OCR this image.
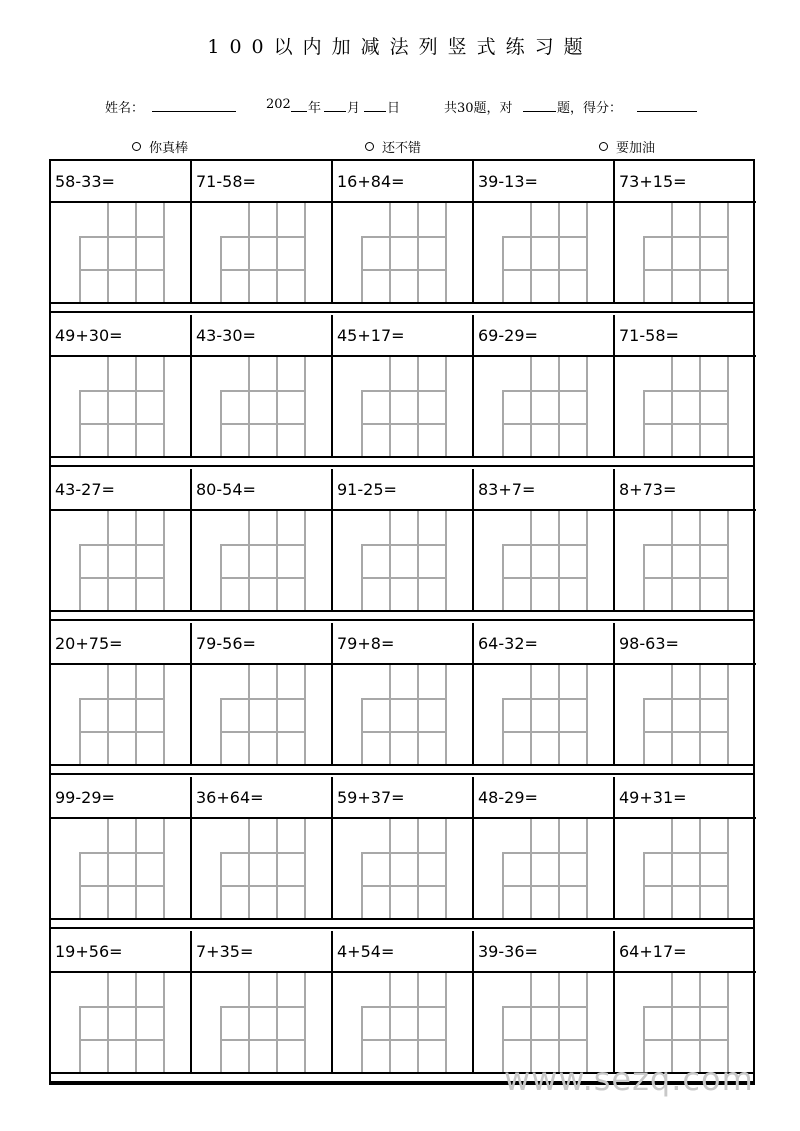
100以内加减法列竖式练习题
姓名：	202 年 月 日	共30题，对	题，得分：
你真棒	还不错	要加油
58-33=	71-58=	16+84=	39-13=	73+15=
49+30=	43-30=	45+17=	69-29=	71-58=
43-27=	80-54=	91-25=	83+7=	8+73=
20+75=	79-56=	79+8=	64-32=	98-63=
99-29=	36+64=	59+37=	48-29=	49+31=
19+56=	7+35=	4+54=	39-36=	64+17=
www.sezq.com
